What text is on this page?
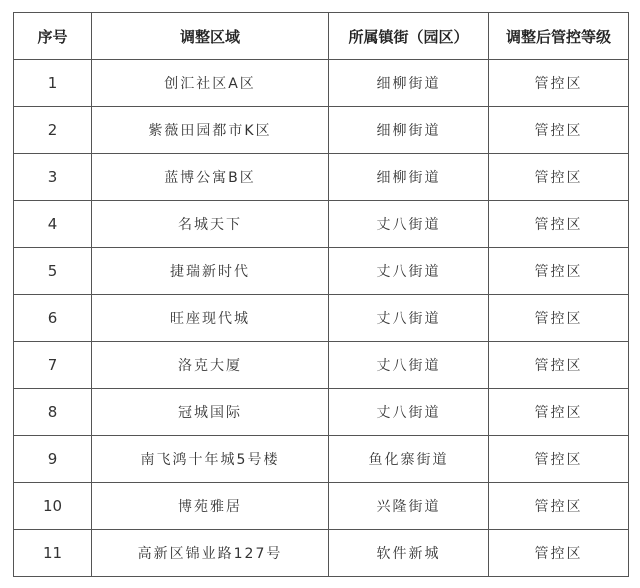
序号	调整区域	所属镇街（园区）	调整后管控等级
1	创汇社区A区	细柳街道	管控区
2	紫薇田园都市K区	细柳街道	管控区
3	蓝博公寓B区	细柳街道	管控区
4	名城天下	丈八街道	管控区
5	捷瑞新时代	丈八街道	管控区
6	旺座现代城	丈八街道	管控区
7	洛克大厦	丈八街道	管控区
8	冠城国际	丈八街道	管控区
9	南飞鸿十年城5号楼	鱼化寨街道	管控区
10	博苑雅居	兴隆街道	管控区
11	高新区锦业路127号	软件新城	管控区
